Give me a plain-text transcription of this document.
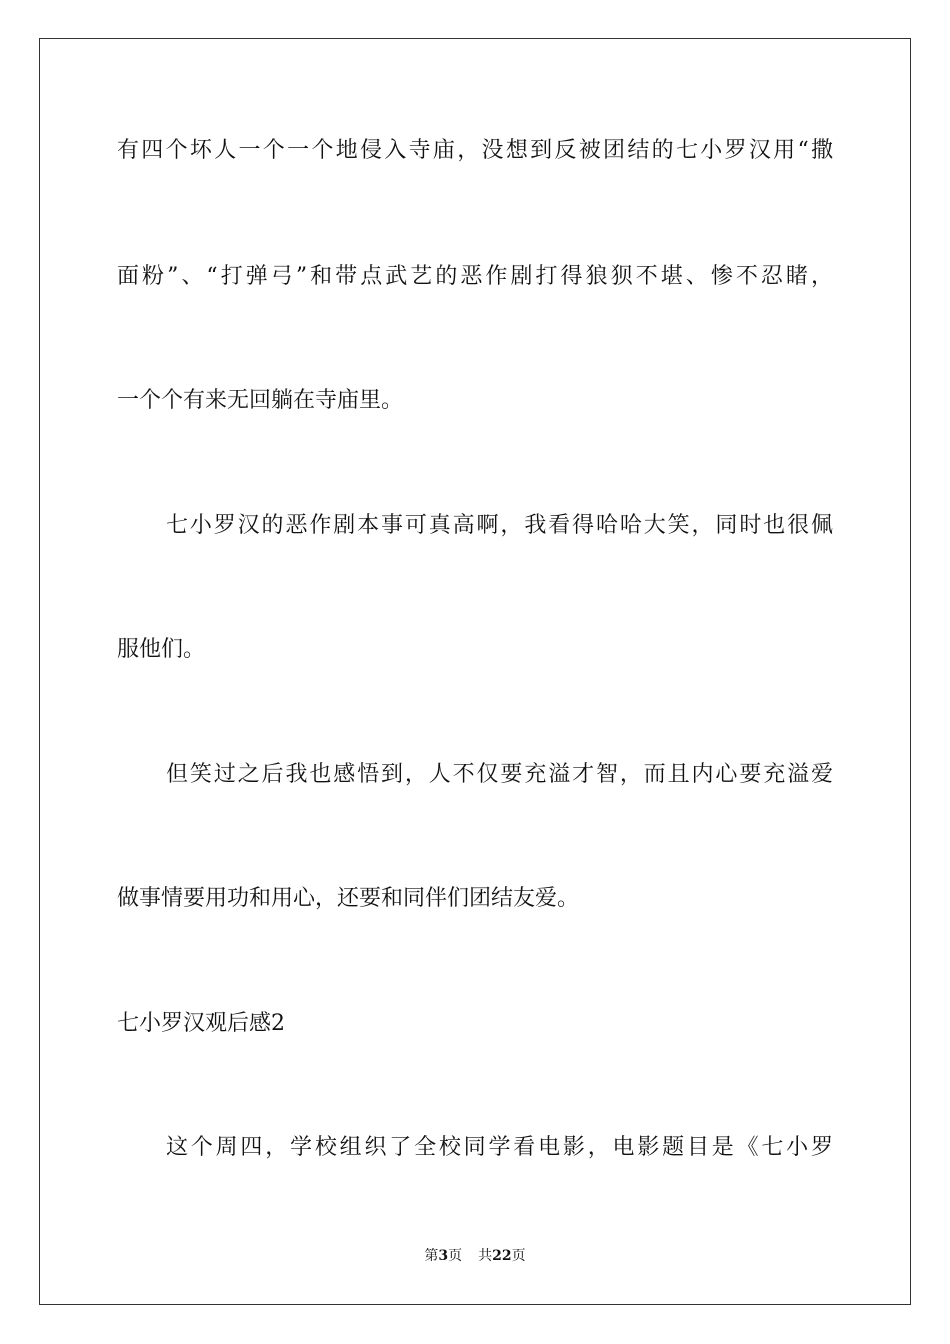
有四个坏人一个一个地侵入寺庙，没想到反被团结的七小罗汉用“撒
面粉”、“打弹弓”和带点武艺的恶作剧打得狼狈不堪、惨不忍睹，
一个个有来无回躺在寺庙里。
七小罗汉的恶作剧本事可真高啊，我看得哈哈大笑，同时也很佩
服他们。
但笑过之后我也感悟到，人不仅要充溢才智，而且内心要充溢爱
做事情要用功和用心，还要和同伴们团结友爱。
七小罗汉观后感2
这个周四，学校组织了全校同学看电影，电影题目是《七小罗
第3页 共22页
